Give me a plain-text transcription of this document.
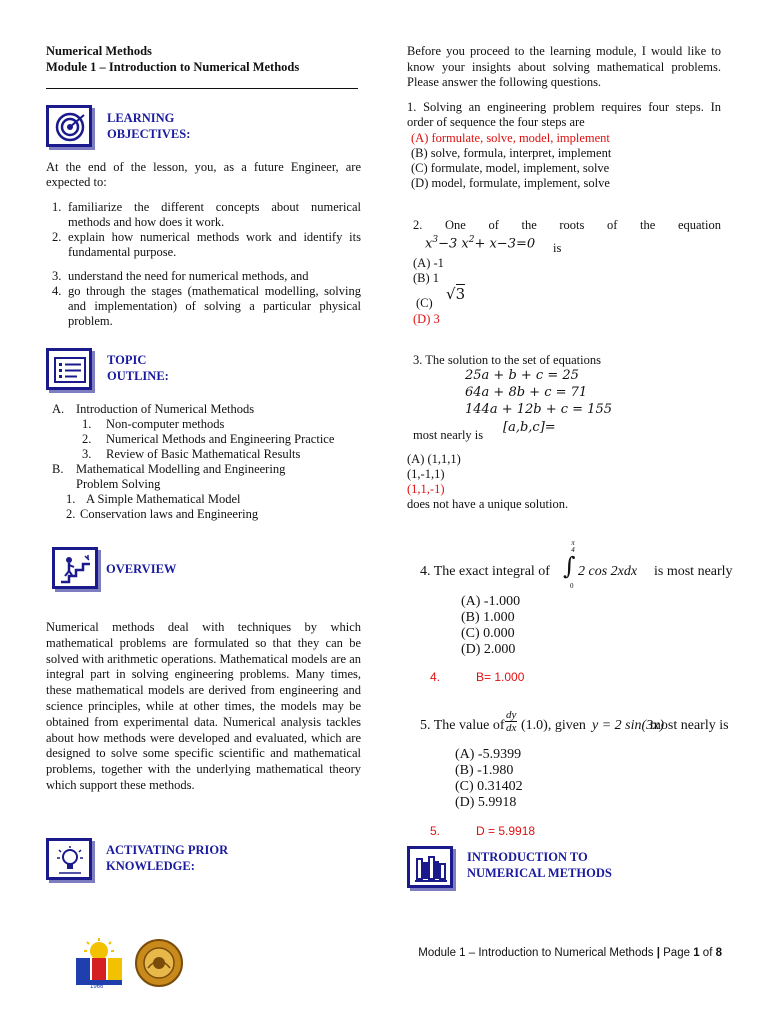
Numerical Methods
Module 1 – Introduction to Numerical Methods
LEARNING
OBJECTIVES:
At the end of the lesson, you, as a future Engineer, are expected to:
1. familiarize the different concepts about numerical methods and how does it work.
2. explain how numerical methods work and identify its fundamental purpose.
3. understand the need for numerical methods, and
4. go through the stages (mathematical modelling, solving and implementation) of solving a particular physical problem.
TOPIC
OUTLINE:
A. Introduction of Numerical Methods
1. Non-computer methods
2. Numerical Methods and Engineering Practice
3. Review of Basic Mathematical Results
B. Mathematical Modelling and Engineering
Problem Solving
1. A Simple Mathematical Model
2. Conservation laws and Engineering
OVERVIEW
Numerical methods deal with techniques by which mathematical problems are formulated so that they can be solved with arithmetic operations. Mathematical models are an integral part in solving engineering problems. Many times, these mathematical models are derived from engineering and science principles, while at other times, the models may be obtained from experimental data. Numerical analysis tackles about how methods were developed and evaluated, which are designed to solve some specific scientific and mathematical problems, together with the underlying mathematical theory which support these methods.
ACTIVATING PRIOR
KNOWLEDGE:
1966
Before you proceed to the learning module, I would like to know your insights about solving mathematical problems. Please answer the following questions.
1. Solving an engineering problem requires four steps. In order of sequence the four steps are
(A) formulate, solve, model, implement
(B) solve, formula, interpret, implement
(C) formulate, model, implement, solve
(D) model, formulate, implement, solve
2. One of the roots of the equation
$x^3-3$ $x^2+ x-3=0$ is
(A) -1
(B) 1
(C) √3
(D) 3
3. The solution to the set of equations
25a + b + c = 25
64a + 8b + c = 71
144a + 12b + c = 155
most nearly is [a,b,c]=
(A) (1,1,1)
(1,-1,1)
(1,1,-1)
does not have a unique solution.
4. The exact integral of
π
4
∫
0
2 cos 2xdx is most nearly
(A) -1.000
(B) 1.000
(C) 0.000
(D) 2.000
4.	B= 1.000
5. The value of
dy
dx (1.0), given y = 2 sin(3x)
most nearly is
(A) -5.9399
(B) -1.980
(C) 0.31402
(D) 5.9918
5.	D = 5.9918
INTRODUCTION TO
NUMERICAL METHODS
Module 1 – Introduction to Numerical Methods | Page 1 of 8
